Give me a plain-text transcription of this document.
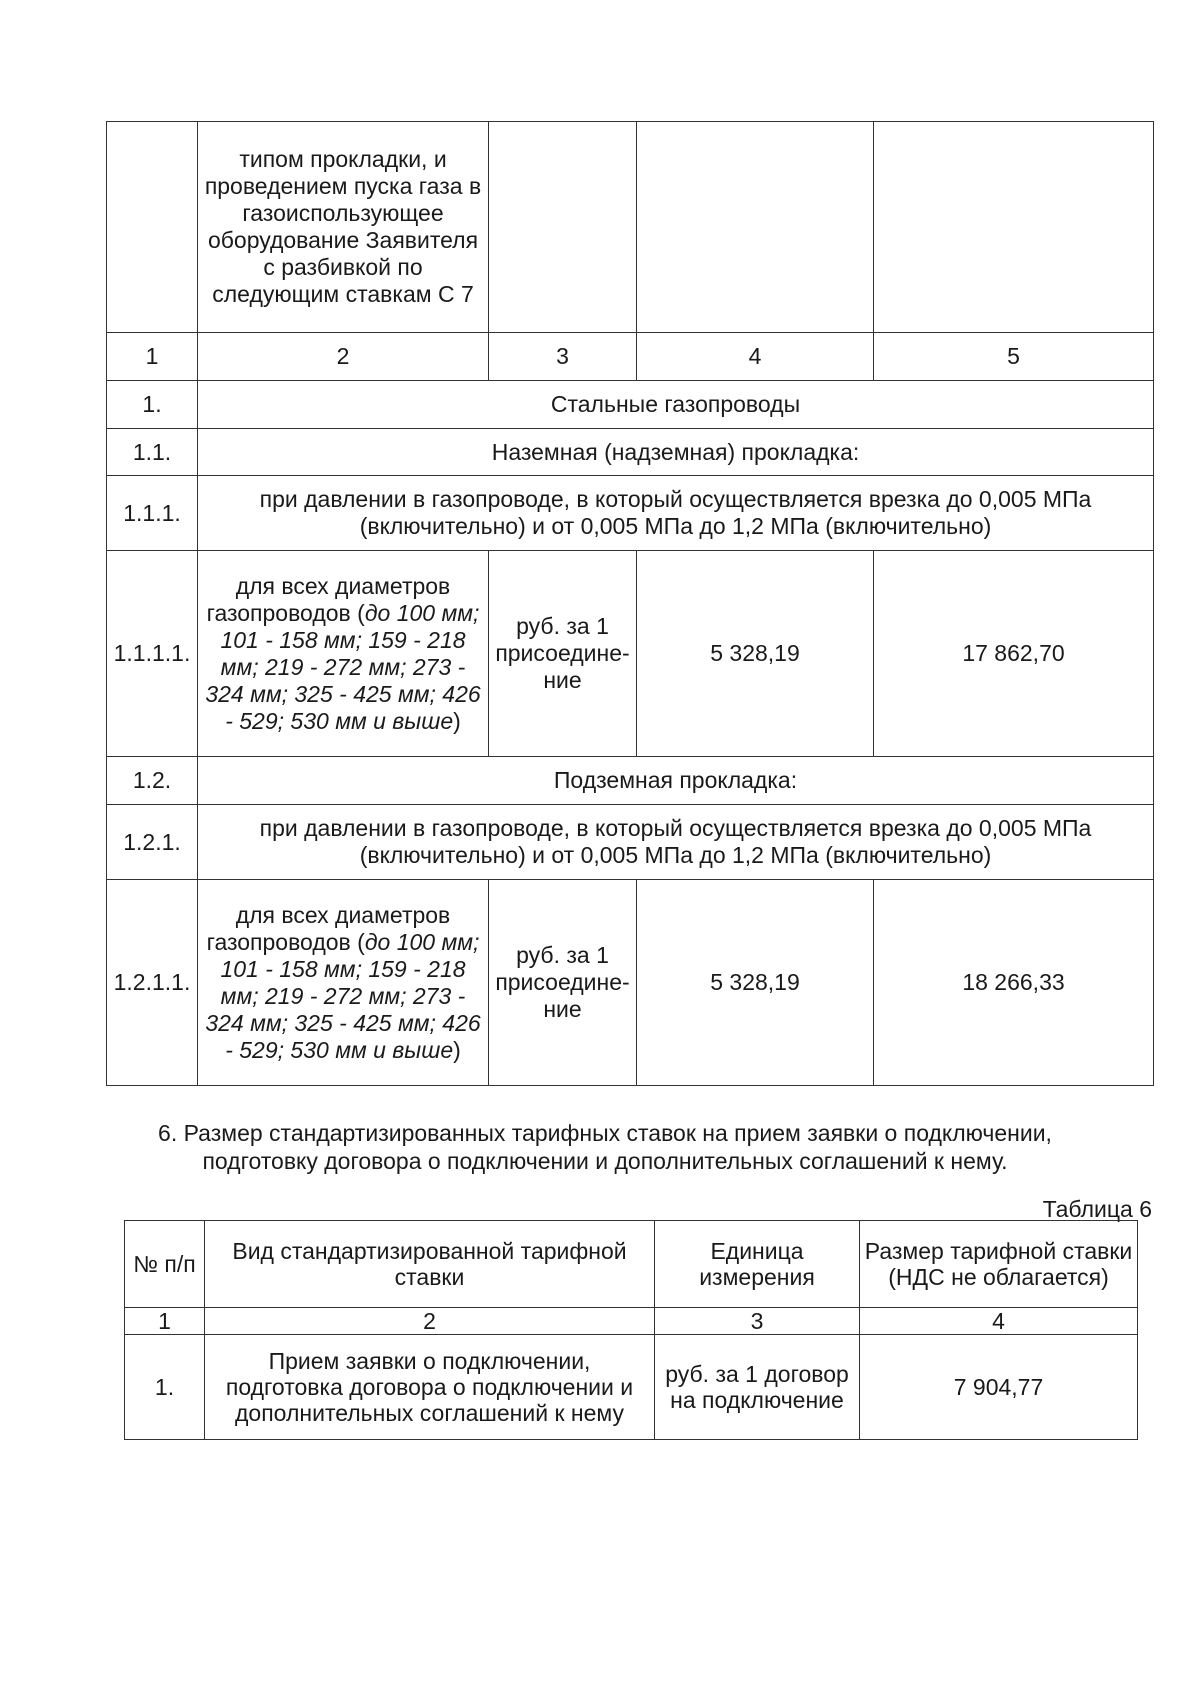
	типом прокладки, и проведением пуска газа в газоиспользующее оборудование Заявителя с разбивкой по следующим ставкам С 7			
1	2	3	4	5
1.	Стальные газопроводы			
1.1.	Наземная (надземная) прокладка:			
1.1.1.	при давлении в газопроводе, в который осуществляется врезка до 0,005 МПа (включительно) и от 0,005 МПа до 1,2 МПа (включительно)			
1.1.1.1.	для всех диаметров газопроводов (до 100 мм; 101 - 158 мм; 159 - 218 мм; 219 - 272 мм; 273 - 324 мм; 325 - 425 мм; 426 - 529; 530 мм и выше)	руб. за 1 присоедине-ние	5 328,19	17 862,70
1.2.	Подземная прокладка:			
1.2.1.	при давлении в газопроводе, в который осуществляется врезка до 0,005 МПа (включительно) и от 0,005 МПа до 1,2 МПа (включительно)			
1.2.1.1.	для всех диаметров газопроводов (до 100 мм; 101 - 158 мм; 159 - 218 мм; 219 - 272 мм; 273 - 324 мм; 325 - 425 мм; 426 - 529; 530 мм и выше)	руб. за 1 присоедине-ние	5 328,19	18 266,33
6. Размер стандартизированных тарифных ставок на прием заявки о подключении, подготовку договора о подключении и дополнительных соглашений к нему.
Таблица 6
№ п/п	Вид стандартизированной тарифной ставки	Единица измерения	Размер тарифной ставки (НДС не облагается)
1	2	3	4
1.	Прием заявки о подключении, подготовка договора о подключении и дополнительных соглашений к нему	руб. за 1 договор на подключение	7 904,77
